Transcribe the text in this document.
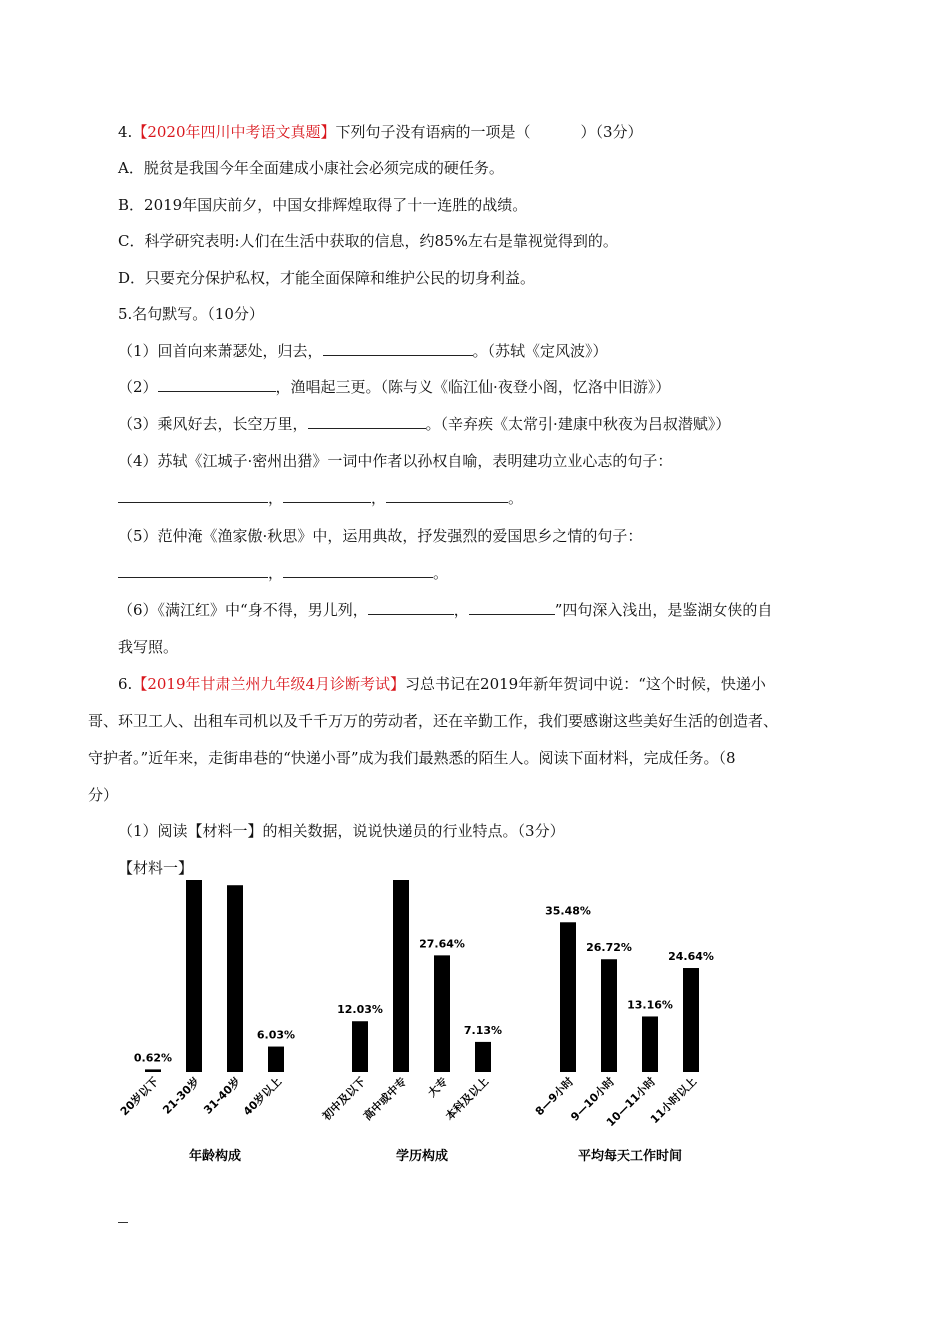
4.【2020年四川中考语文真题】下列句子没有语病的一项是（	）（3分）
A．脱贫是我国今年全面建成小康社会必须完成的硬任务。
B．2019年国庆前夕，中国女排辉煌取得了十一连胜的战绩。
C．科学研究表明:人们在生活中获取的信息，约85%左右是靠视觉得到的。
D．只要充分保护私权，才能全面保障和维护公民的切身利益。
5.名句默写。（10分）
（1）回首向来萧瑟处，归去，	。（苏轼《定风波》）
（2）	，渔唱起三更。（陈与义《临江仙·夜登小阁，忆洛中旧游》）
（3）乘风好去，长空万里，	。（辛弃疾《太常引·建康中秋夜为吕叔潜赋》）
（4）苏轼《江城子·密州出猎》一词中作者以孙权自喻，表明建功立业心志的句子：
，	，	。
（5）范仲淹《渔家傲·秋思》中，运用典故，抒发强烈的爱国思乡之情的句子：
，	。
（6）《满江红》中“身不得，男儿列，	，	”四句深入浅出，是鉴湖女侠的自
我写照。
6.【2019年甘肃兰州九年级4月诊断考试】习总书记在2019年新年贺词中说：“这个时候，快递小
哥、环卫工人、出租车司机以及千千万万的劳动者，还在辛勤工作，我们要感谢这些美好生活的创造者、
守护者。”近年来，走街串巷的“快递小哥”成为我们最熟悉的陌生人。阅读下面材料，完成任务。（8
分）
（1）阅读【材料一】的相关数据，说说快递员的行业特点。（3分）
【材料一】
0.62%
20岁以下 21-30岁 31-40岁
6.03%
40岁以上
年龄构成
12.03%
初中及以下
高中或中专
27.64%
大专
7.13%
本科及以上
学历构成
35.48%
8—9小时
26.72%
9—10小时
13.16%
10—11小时
24.64%
11小时以上
平均每天工作时间
